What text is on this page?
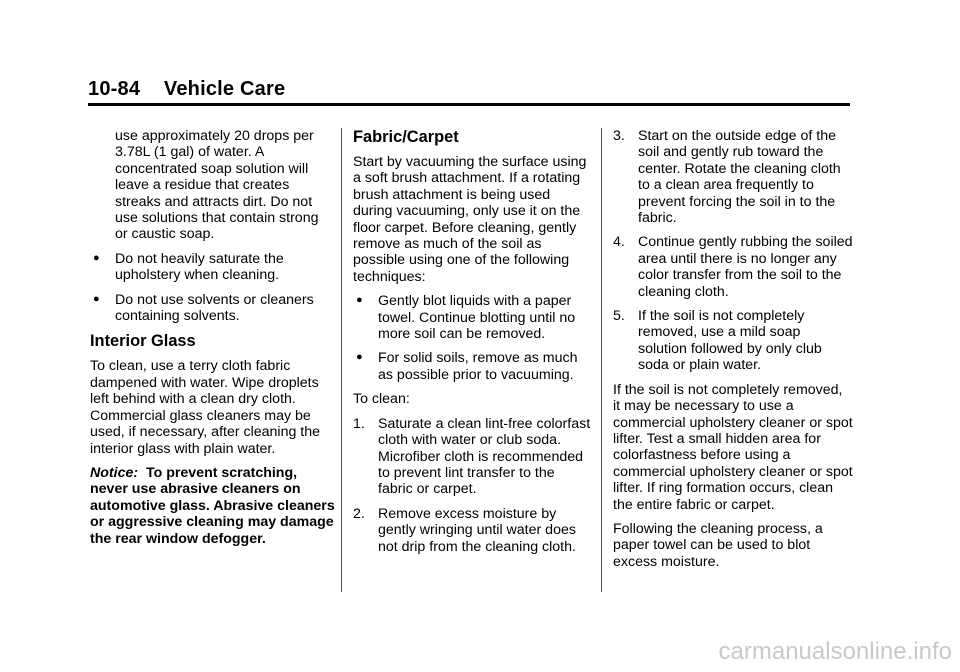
10-84 Vehicle Care

use approximately 20 drops per 3.78L (1 gal) of water. A concentrated soap solution will leave a residue that creates streaks and attracts dirt. Do not use solutions that contain strong or caustic soap.

● Do not heavily saturate the upholstery when cleaning.
● Do not use solvents or cleaners containing solvents.
Interior Glass

To clean, use a terry cloth fabric dampened with water. Wipe droplets left behind with a clean dry cloth. Commercial glass cleaners may be used, if necessary, after cleaning the interior glass with plain water.

Notice: To prevent scratching, never use abrasive cleaners on automotive glass. Abrasive cleaners or aggressive cleaning may damage the rear window defogger.

Fabric/Carpet

Start by vacuuming the surface using a soft brush attachment. If a rotating brush attachment is being used during vacuuming, only use it on the floor carpet. Before cleaning, gently remove as much of the soil as possible using one of the following techniques:

● Gently blot liquids with a paper towel. Continue blotting until no more soil can be removed.
● For solid soils, remove as much as possible prior to vacuuming.

To clean:

1. Saturate a clean lint-free colorfast cloth with water or club soda. Microfiber cloth is recommended to prevent lint transfer to the fabric or carpet.
2. Remove excess moisture by gently wringing until water does not drip from the cleaning cloth.
3. Start on the outside edge of the soil and gently rub toward the center. Rotate the cleaning cloth to a clean area frequently to prevent forcing the soil in to the fabric.
4. Continue gently rubbing the soiled area until there is no longer any color transfer from the soil to the cleaning cloth.
5. If the soil is not completely removed, use a mild soap solution followed by only club soda or plain water.

If the soil is not completely removed, it may be necessary to use a commercial upholstery cleaner or spot lifter. Test a small hidden area for colorfastness before using a commercial upholstery cleaner or spot lifter. If ring formation occurs, clean the entire fabric or carpet.

Following the cleaning process, a paper towel can be used to blot excess moisture.

carmanualsonline.info
